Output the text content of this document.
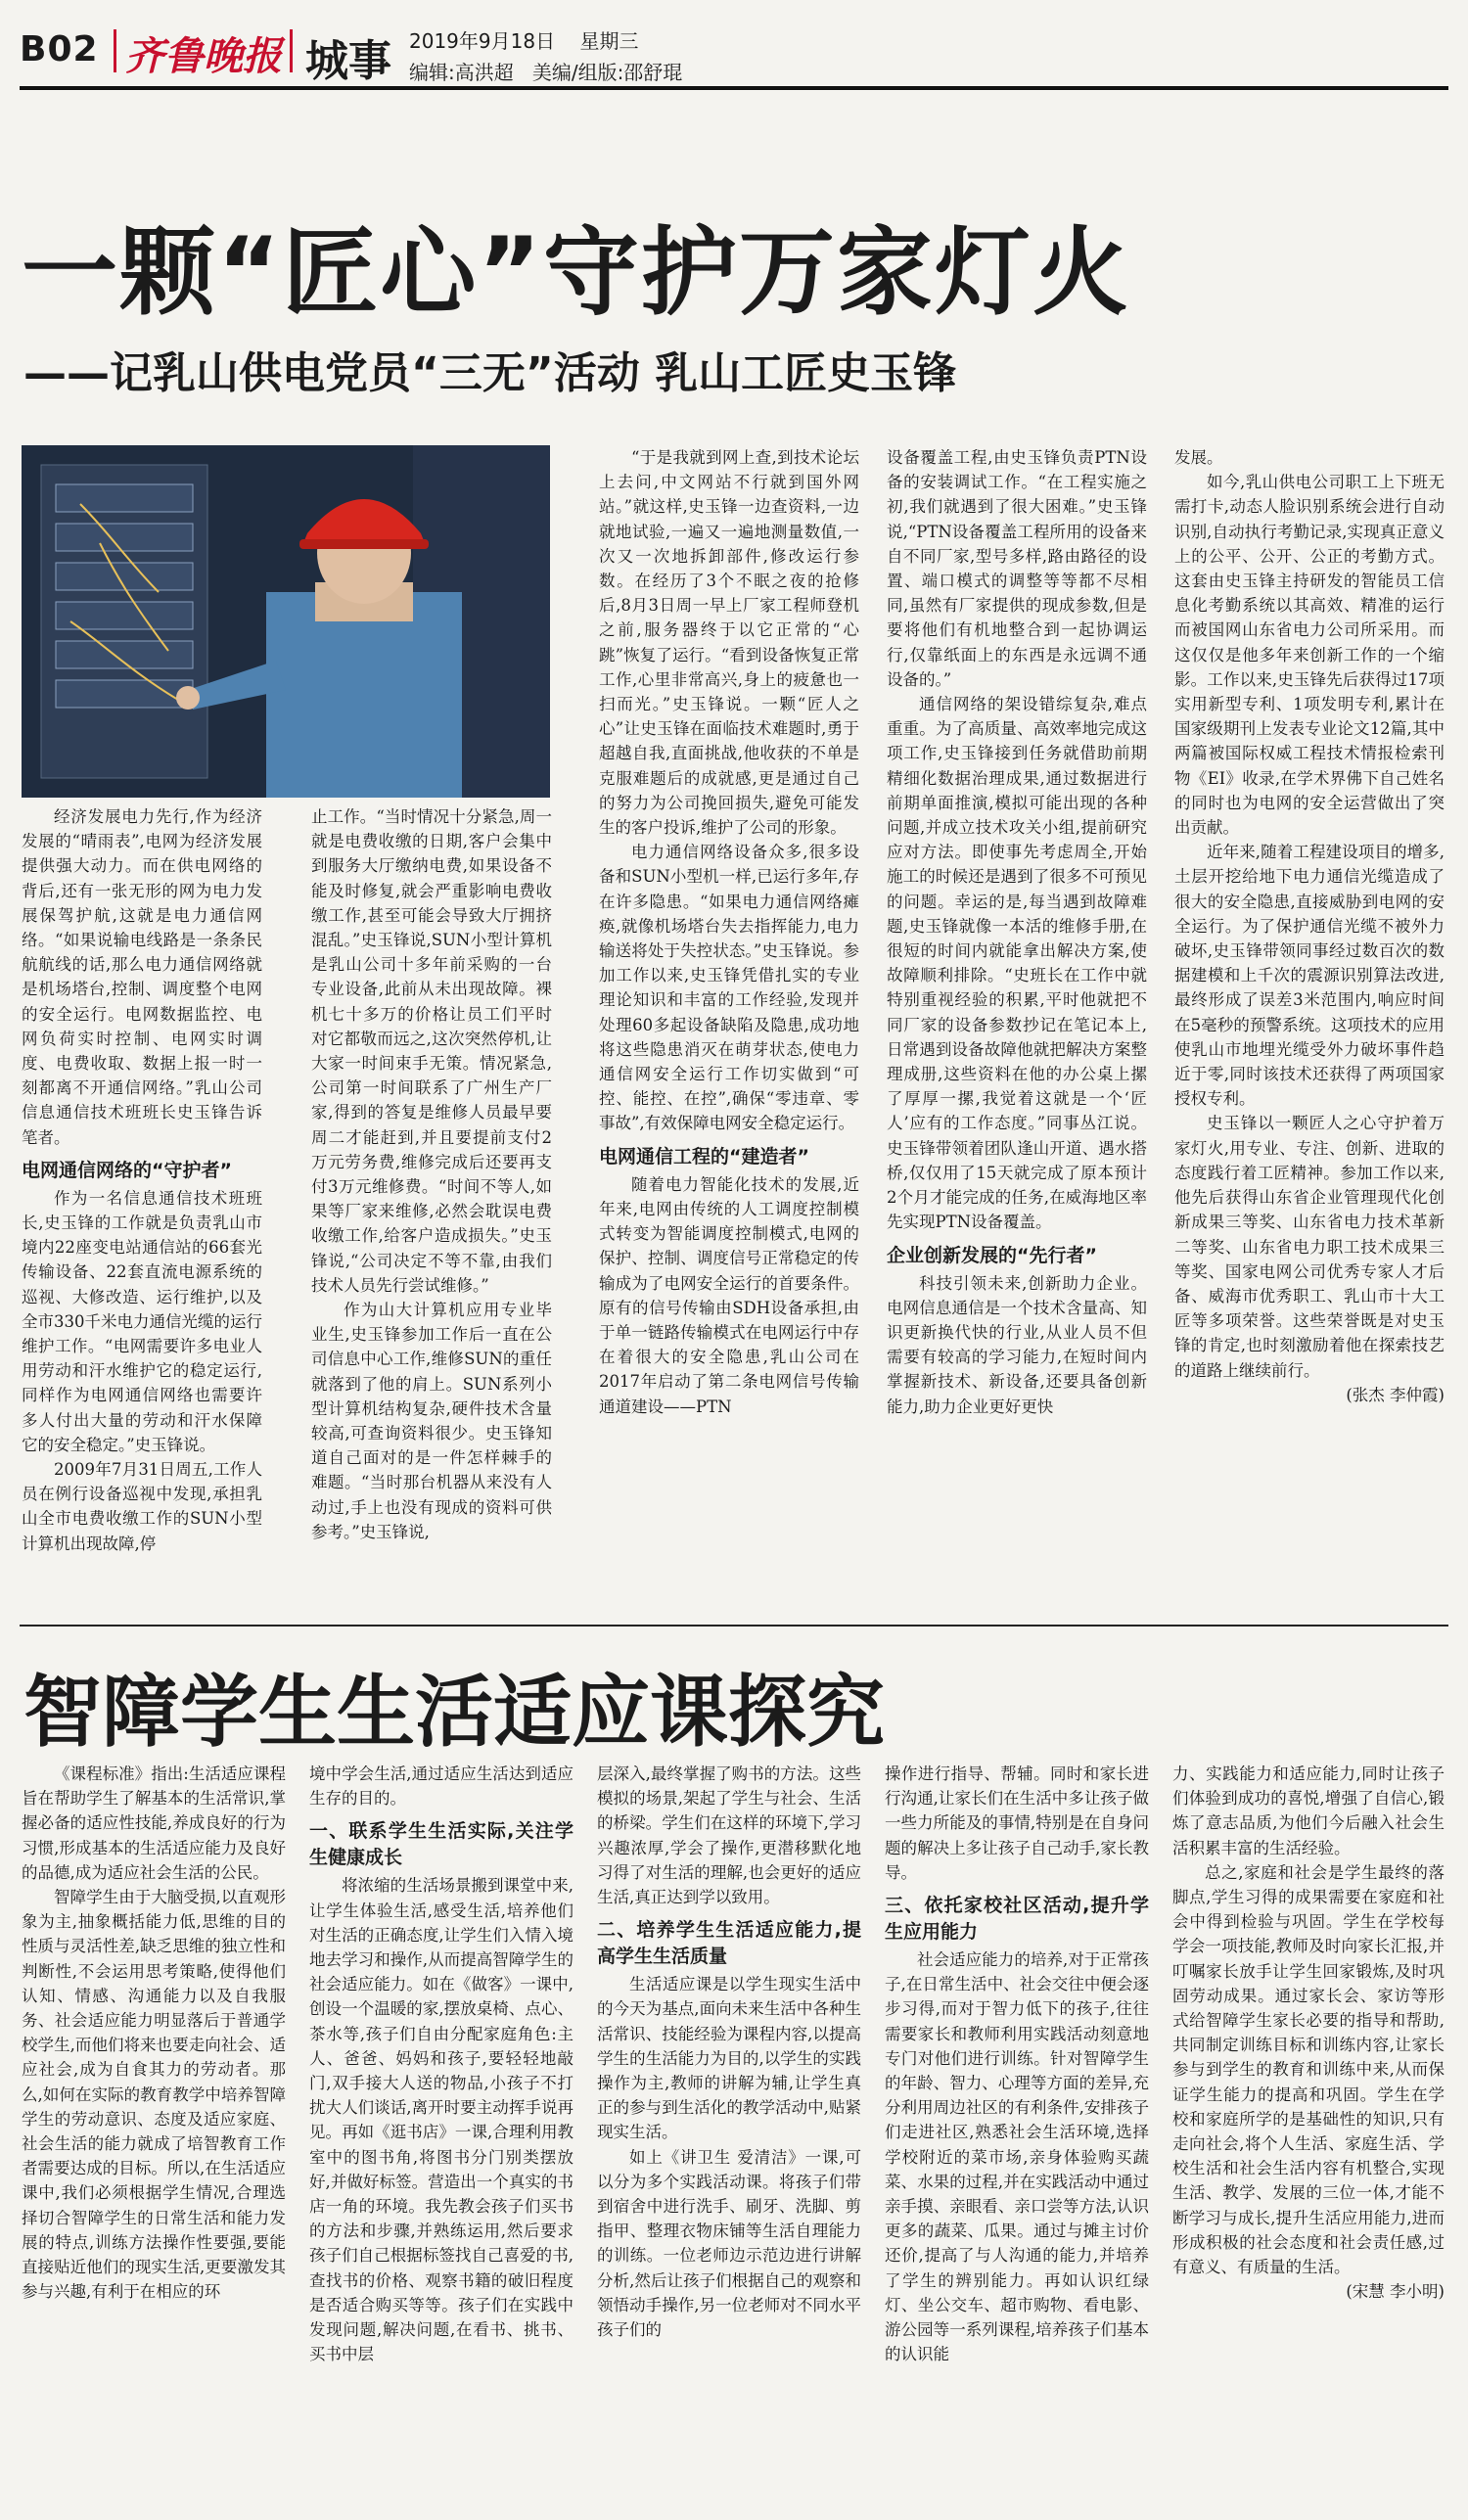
B02 齐鲁晚报 城事 2019年9月18日 星期三
编辑:高洪超 美编/组版:邵舒琨
一颗“匠心”守护万家灯火
——记乳山供电党员“三无”活动 乳山工匠史玉锋

经济发展电力先行,作为经济发展的“晴雨表”,电网为经济发展提供强大动力。而在供电网络的背后,还有一张无形的网为电力发展保驾护航,这就是电力通信网络。“如果说输电线路是一条条民航航线的话,那么电力通信网络就是机场塔台,控制、调度整个电网的安全运行。电网数据监控、电网负荷实时控制、电网实时调度、电费收取、数据上报一时一刻都离不开通信网络。”乳山公司信息通信技术班班长史玉锋告诉笔者。

电网通信网络的“守护者”

作为一名信息通信技术班班长,史玉锋的工作就是负责乳山市境内22座变电站通信站的66套光传输设备、22套直流电源系统的巡视、大修改造、运行维护,以及全市330千米电力通信光缆的运行维护工作。“电网需要许多电业人用劳动和汗水维护它的稳定运行,同样作为电网通信网络也需要许多人付出大量的劳动和汗水保障它的安全稳定。”史玉锋说。

2009年7月31日周五,工作人员在例行设备巡视中发现,承担乳山全市电费收缴工作的SUN小型计算机出现故障,停

止工作。“当时情况十分紧急,周一就是电费收缴的日期,客户会集中到服务大厅缴纳电费,如果设备不能及时修复,就会严重影响电费收缴工作,甚至可能会导致大厅拥挤混乱。”史玉锋说,SUN小型计算机是乳山公司十多年前采购的一台专业设备,此前从未出现故障。裸机七十多万的价格让员工们平时对它都敬而远之,这次突然停机,让大家一时间束手无策。情况紧急,公司第一时间联系了广州生产厂家,得到的答复是维修人员最早要周二才能赶到,并且要提前支付2万元劳务费,维修完成后还要再支付3万元维修费。“时间不等人,如果等厂家来维修,必然会耽误电费收缴工作,给客户造成损失。”史玉锋说,“公司决定不等不靠,由我们技术人员先行尝试维修。”

作为山大计算机应用专业毕业生,史玉锋参加工作后一直在公司信息中心工作,维修SUN的重任就落到了他的肩上。SUN系列小型计算机结构复杂,硬件技术含量较高,可查询资料很少。史玉锋知道自己面对的是一件怎样棘手的难题。“当时那台机器从来没有人动过,手上也没有现成的资料可供参考。”史玉锋说,

“于是我就到网上查,到技术论坛上去问,中文网站不行就到国外网站。”就这样,史玉锋一边查资料,一边就地试验,一遍又一遍地测量数值,一次又一次地拆卸部件,修改运行参数。在经历了3个不眠之夜的抢修后,8月3日周一早上厂家工程师登机之前,服务器终于以它正常的“心跳”恢复了运行。“看到设备恢复正常工作,心里非常高兴,身上的疲惫也一扫而光。”史玉锋说。一颗“匠人之心”让史玉锋在面临技术难题时,勇于超越自我,直面挑战,他收获的不单是克服难题后的成就感,更是通过自己的努力为公司挽回损失,避免可能发生的客户投诉,维护了公司的形象。

电力通信网络设备众多,很多设备和SUN小型机一样,已运行多年,存在许多隐患。“如果电力通信网络瘫痪,就像机场塔台失去指挥能力,电力输送将处于失控状态。”史玉锋说。参加工作以来,史玉锋凭借扎实的专业理论知识和丰富的工作经验,发现并处理60多起设备缺陷及隐患,成功地将这些隐患消灭在萌芽状态,使电力通信网安全运行工作切实做到“可控、能控、在控”,确保“零违章、零事故”,有效保障电网安全稳定运行。

电网通信工程的“建造者”

随着电力智能化技术的发展,近年来,电网由传统的人工调度控制模式转变为智能调度控制模式,电网的保护、控制、调度信号正常稳定的传输成为了电网安全运行的首要条件。原有的信号传输由SDH设备承担,由于单一链路传输模式在电网运行中存在着很大的安全隐患,乳山公司在2017年启动了第二条电网信号传输通道建设——PTN

设备覆盖工程,由史玉锋负责PTN设备的安装调试工作。“在工程实施之初,我们就遇到了很大困难。”史玉锋说,“PTN设备覆盖工程所用的设备来自不同厂家,型号多样,路由路径的设置、端口模式的调整等等都不尽相同,虽然有厂家提供的现成参数,但是要将他们有机地整合到一起协调运行,仅靠纸面上的东西是永远调不通设备的。”

通信网络的架设错综复杂,难点重重。为了高质量、高效率地完成这项工作,史玉锋接到任务就借助前期精细化数据治理成果,通过数据进行前期单面推演,模拟可能出现的各种问题,并成立技术攻关小组,提前研究应对方法。即使事先考虑周全,开始施工的时候还是遇到了很多不可预见的问题。幸运的是,每当遇到故障难题,史玉锋就像一本活的维修手册,在很短的时间内就能拿出解决方案,使故障顺利排除。“史班长在工作中就特别重视经验的积累,平时他就把不同厂家的设备参数抄记在笔记本上,日常遇到设备故障他就把解决方案整理成册,这些资料在他的办公桌上摞了厚厚一摞,我觉着这就是一个‘匠人’应有的工作态度。”同事丛江说。史玉锋带领着团队逢山开道、遇水搭桥,仅仅用了15天就完成了原本预计2个月才能完成的任务,在威海地区率先实现PTN设备覆盖。

企业创新发展的“先行者”

科技引领未来,创新助力企业。电网信息通信是一个技术含量高、知识更新换代快的行业,从业人员不但需要有较高的学习能力,在短时间内掌握新技术、新设备,还要具备创新能力,助力企业更好更快

发展。

如今,乳山供电公司职工上下班无需打卡,动态人脸识别系统会进行自动识别,自动执行考勤记录,实现真正意义上的公平、公开、公正的考勤方式。这套由史玉锋主持研发的智能员工信息化考勤系统以其高效、精准的运行而被国网山东省电力公司所采用。而这仅仅是他多年来创新工作的一个缩影。工作以来,史玉锋先后获得过17项实用新型专利、1项发明专利,累计在国家级期刊上发表专业论文12篇,其中两篇被国际权威工程技术情报检索刊物《EI》收录,在学术界佛下自己姓名的同时也为电网的安全运营做出了突出贡献。

近年来,随着工程建设项目的增多,土层开挖给地下电力通信光缆造成了很大的安全隐患,直接威胁到电网的安全运行。为了保护通信光缆不被外力破坏,史玉锋带领同事经过数百次的数据建模和上千次的震源识别算法改进,最终形成了误差3米范围内,响应时间在5毫秒的预警系统。这项技术的应用使乳山市地埋光缆受外力破坏事件趋近于零,同时该技术还获得了两项国家授权专利。

史玉锋以一颗匠人之心守护着万家灯火,用专业、专注、创新、进取的态度践行着工匠精神。参加工作以来,他先后获得山东省企业管理现代化创新成果三等奖、山东省电力技术革新二等奖、山东省电力职工技术成果三等奖、国家电网公司优秀专家人才后备、威海市优秀职工、乳山市十大工匠等多项荣誉。这些荣誉既是对史玉锋的肯定,也时刻激励着他在探索技艺的道路上继续前行。

(张杰 李仲霞)

智障学生生活适应课探究

《课程标准》指出:生活适应课程旨在帮助学生了解基本的生活常识,掌握必备的适应性技能,养成良好的行为习惯,形成基本的生活适应能力及良好的品德,成为适应社会生活的公民。

智障学生由于大脑受损,以直观形象为主,抽象概括能力低,思维的目的性质与灵活性差,缺乏思维的独立性和判断性,不会运用思考策略,使得他们认知、情感、沟通能力以及自我服务、社会适应能力明显落后于普通学校学生,而他们将来也要走向社会、适应社会,成为自食其力的劳动者。那么,如何在实际的教育教学中培养智障学生的劳动意识、态度及适应家庭、社会生活的能力就成了培智教育工作者需要达成的目标。所以,在生活适应课中,我们必须根据学生情况,合理选择切合智障学生的日常生活和能力发展的特点,训练方法操作性要强,要能直接贴近他们的现实生活,更要激发其参与兴趣,有利于在相应的环

境中学会生活,通过适应生活达到适应生存的目的。

一、联系学生生活实际,关注学生健康成长

将浓缩的生活场景搬到课堂中来,让学生体验生活,感受生活,培养他们对生活的正确态度,让学生们入情入境地去学习和操作,从而提高智障学生的社会适应能力。如在《做客》一课中,创设一个温暖的家,摆放桌椅、点心、茶水等,孩子们自由分配家庭角色:主人、爸爸、妈妈和孩子,要轻轻地敲门,双手接大人送的物品,小孩子不打扰大人们谈话,离开时要主动挥手说再见。再如《逛书店》一课,合理利用教室中的图书角,将图书分门别类摆放好,并做好标签。营造出一个真实的书店一角的环境。我先教会孩子们买书的方法和步骤,并熟练运用,然后要求孩子们自己根据标签找自己喜爱的书,查找书的价格、观察书籍的破旧程度是否适合购买等等。孩子们在实践中发现问题,解决问题,在看书、挑书、买书中层

层深入,最终掌握了购书的方法。这些模拟的场景,架起了学生与社会、生活的桥梁。学生们在这样的环境下,学习兴趣浓厚,学会了操作,更潜移默化地习得了对生活的理解,也会更好的适应生活,真正达到学以致用。

二、培养学生生活适应能力,提高学生生活质量

生活适应课是以学生现实生活中的今天为基点,面向未来生活中各种生活常识、技能经验为课程内容,以提高学生的生活能力为目的,以学生的实践操作为主,教师的讲解为辅,让学生真正的参与到生活化的教学活动中,贴紧现实生活。

如上《讲卫生 爱清洁》一课,可以分为多个实践活动课。将孩子们带到宿舍中进行洗手、刷牙、洗脚、剪指甲、整理衣物床铺等生活自理能力的训练。一位老师边示范边进行讲解分析,然后让孩子们根据自己的观察和领悟动手操作,另一位老师对不同水平孩子们的

操作进行指导、帮辅。同时和家长进行沟通,让家长们在生活中多让孩子做一些力所能及的事情,特别是在自身问题的解决上多让孩子自己动手,家长教导。

三、依托家校社区活动,提升学生应用能力

社会适应能力的培养,对于正常孩子,在日常生活中、社会交往中便会逐步习得,而对于智力低下的孩子,往往需要家长和教师利用实践活动刻意地专门对他们进行训练。针对智障学生的年龄、智力、心理等方面的差异,充分利用周边社区的有利条件,安排孩子们走进社区,熟悉社会生活环境,选择学校附近的菜市场,亲身体验购买蔬菜、水果的过程,并在实践活动中通过亲手摸、亲眼看、亲口尝等方法,认识更多的蔬菜、瓜果。通过与摊主讨价还价,提高了与人沟通的能力,并培养了学生的辨别能力。再如认识红绿灯、坐公交车、超市购物、看电影、游公园等一系列课程,培养孩子们基本的认识能

力、实践能力和适应能力,同时让孩子们体验到成功的喜悦,增强了自信心,锻炼了意志品质,为他们今后融入社会生活积累丰富的生活经验。

总之,家庭和社会是学生最终的落脚点,学生习得的成果需要在家庭和社会中得到检验与巩固。学生在学校每学会一项技能,教师及时向家长汇报,并叮嘱家长放手让学生回家锻炼,及时巩固劳动成果。通过家长会、家访等形式给智障学生家长必要的指导和帮助,共同制定训练目标和训练内容,让家长参与到学生的教育和训练中来,从而保证学生能力的提高和巩固。学生在学校和家庭所学的是基础性的知识,只有走向社会,将个人生活、家庭生活、学校生活和社会生活内容有机整合,实现生活、教学、发展的三位一体,才能不断学习与成长,提升生活应用能力,进而形成积极的社会态度和社会责任感,过有意义、有质量的生活。

(宋慧 李小明)
